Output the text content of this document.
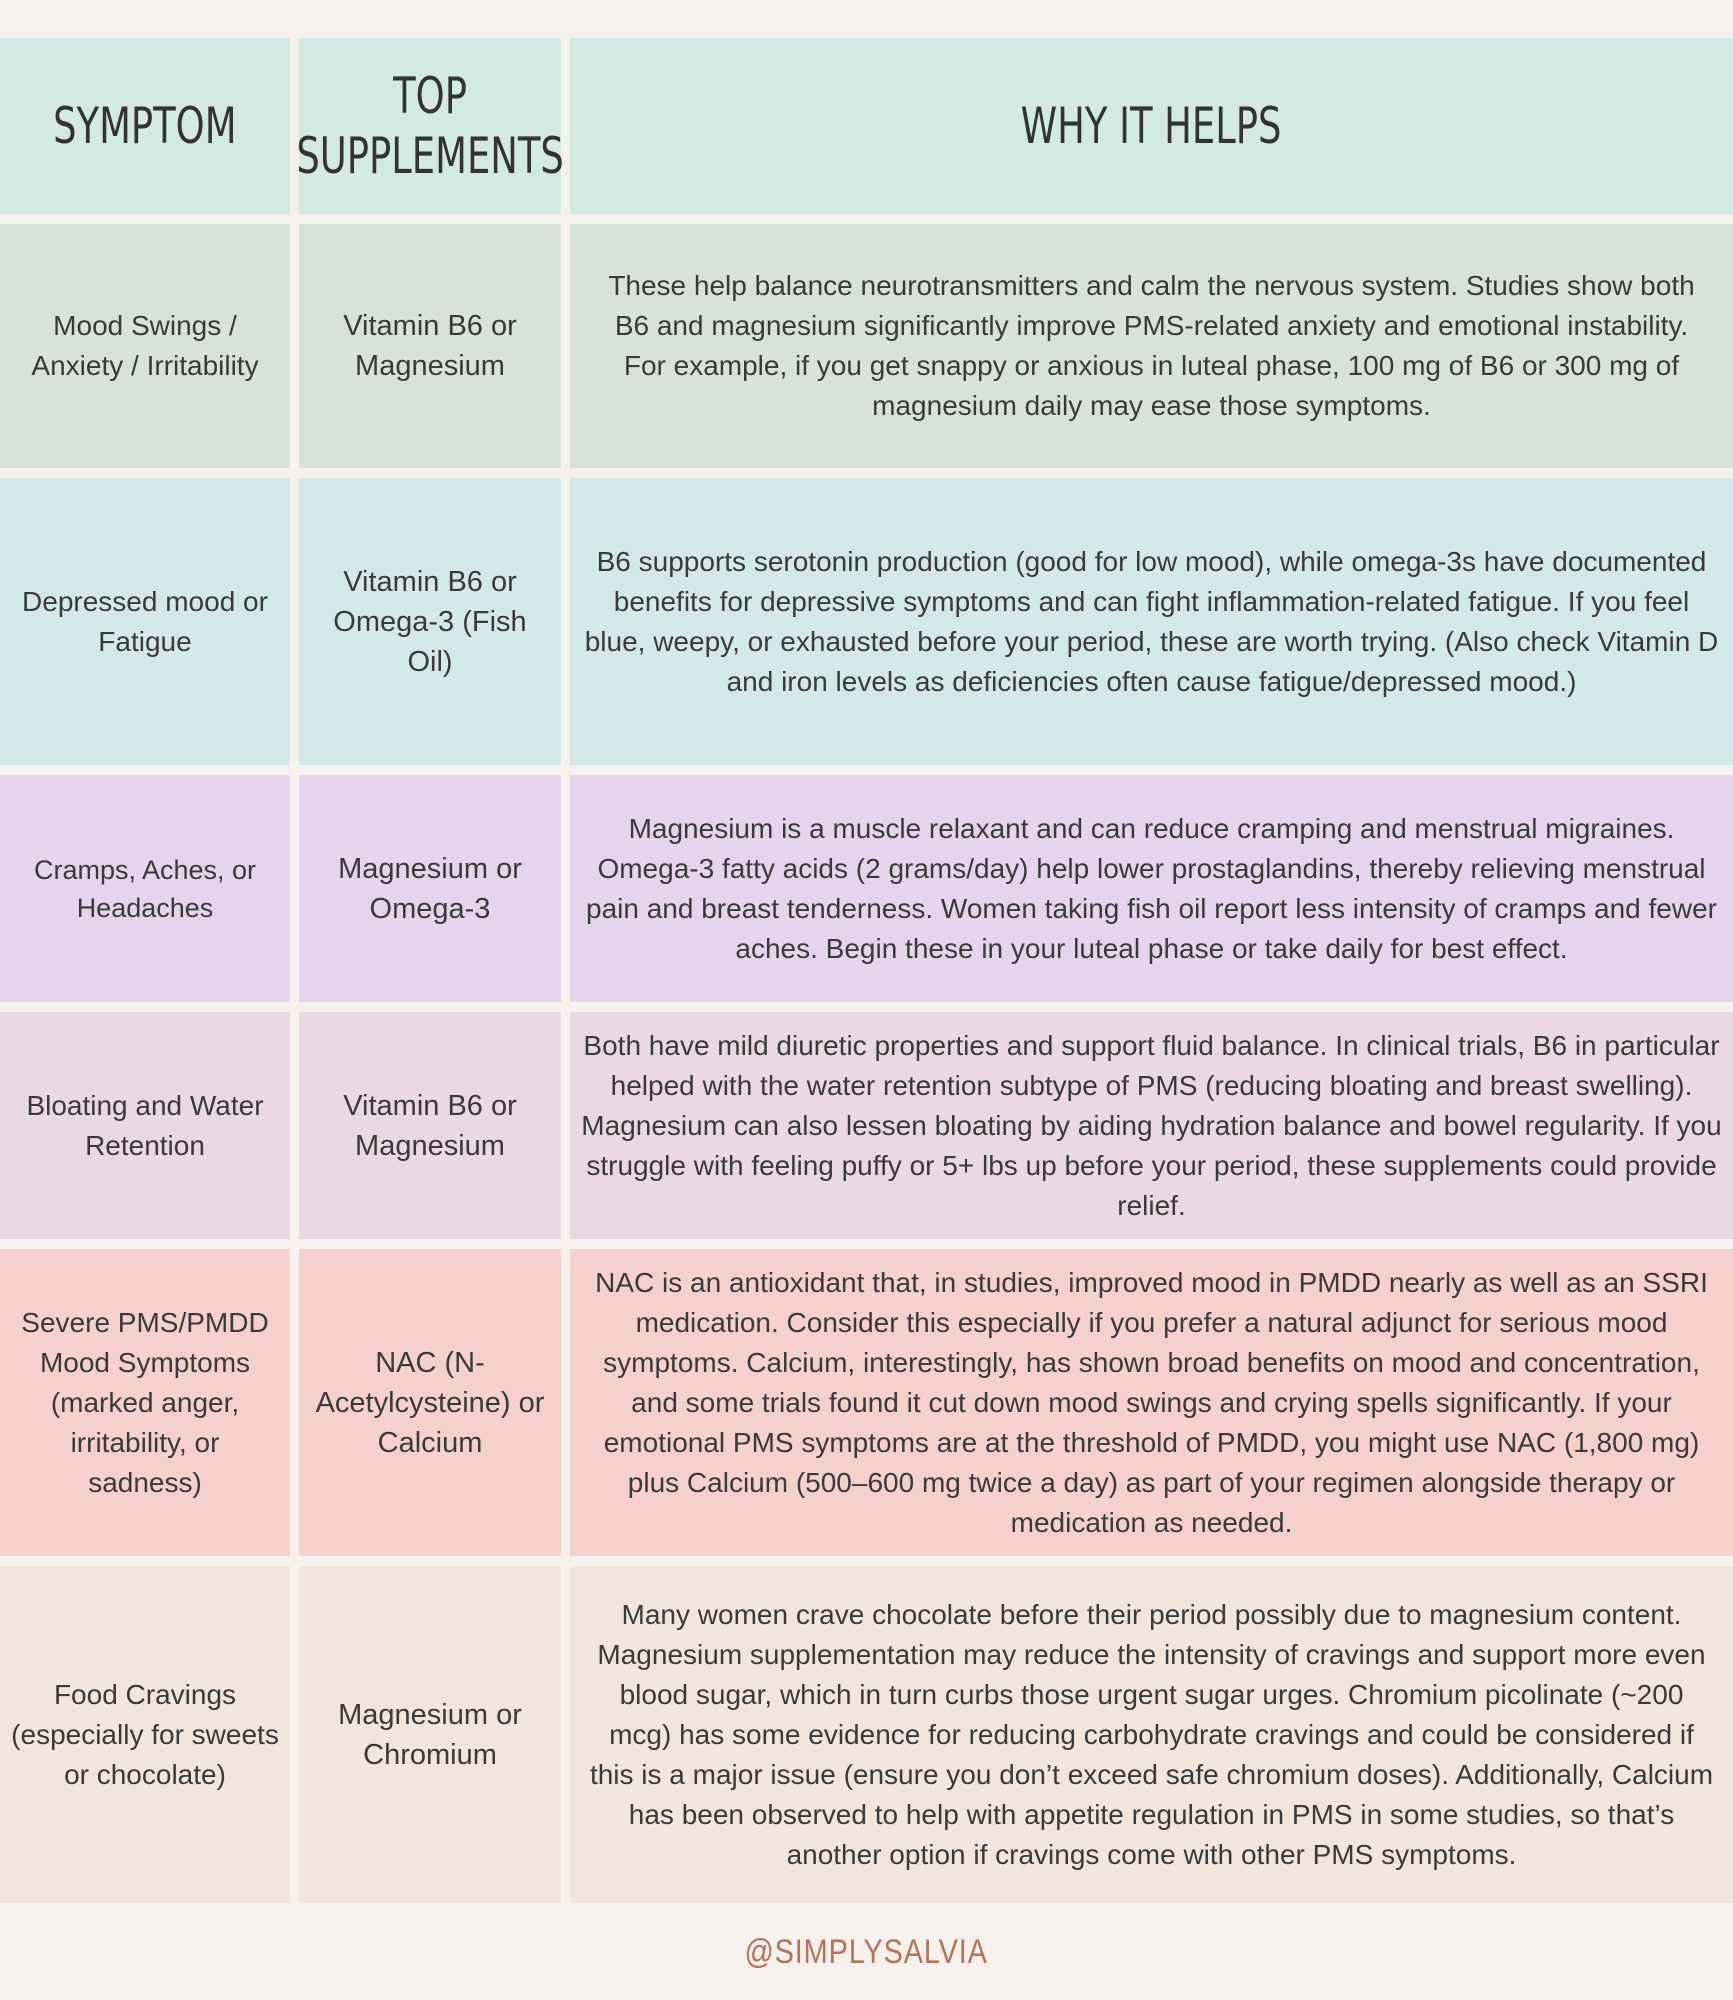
SYMPTOM
TOP
SUPPLEMENTS
WHY IT HELPS
Mood Swings / Anxiety / Irritability
Vitamin B6 or Magnesium
These help balance neurotransmitters and calm the nervous system. Studies show both B6 and magnesium significantly improve PMS-related anxiety and emotional instability. For example, if you get snappy or anxious in luteal phase, 100 mg of B6 or 300 mg of magnesium daily may ease those symptoms.
Depressed mood or Fatigue
Vitamin B6 or Omega-3 (Fish Oil)
B6 supports serotonin production (good for low mood), while omega-3s have documented benefits for depressive symptoms and can fight inflammation-related fatigue. If you feel blue, weepy, or exhausted before your period, these are worth trying. (Also check Vitamin D and iron levels as deficiencies often cause fatigue/depressed mood.)
Cramps, Aches, or Headaches
Magnesium or Omega-3
Magnesium is a muscle relaxant and can reduce cramping and menstrual migraines. Omega-3 fatty acids (2 grams/day) help lower prostaglandins, thereby relieving menstrual pain and breast tenderness. Women taking fish oil report less intensity of cramps and fewer aches. Begin these in your luteal phase or take daily for best effect.
Bloating and Water Retention
Vitamin B6 or Magnesium
Both have mild diuretic properties and support fluid balance. In clinical trials, B6 in particular helped with the water retention subtype of PMS (reducing bloating and breast swelling). Magnesium can also lessen bloating by aiding hydration balance and bowel regularity. If you struggle with feeling puffy or 5+ lbs up before your period, these supplements could provide relief.
Severe PMS/PMDD Mood Symptoms (marked anger, irritability, or sadness)
NAC (N-Acetylcysteine) or Calcium
NAC is an antioxidant that, in studies, improved mood in PMDD nearly as well as an SSRI medication. Consider this especially if you prefer a natural adjunct for serious mood symptoms. Calcium, interestingly, has shown broad benefits on mood and concentration, and some trials found it cut down mood swings and crying spells significantly. If your emotional PMS symptoms are at the threshold of PMDD, you might use NAC (1,800 mg) plus Calcium (500–600 mg twice a day) as part of your regimen alongside therapy or medication as needed.
Food Cravings (especially for sweets or chocolate)
Magnesium or Chromium
Many women crave chocolate before their period possibly due to magnesium content. Magnesium supplementation may reduce the intensity of cravings and support more even blood sugar, which in turn curbs those urgent sugar urges. Chromium picolinate (~200 mcg) has some evidence for reducing carbohydrate cravings and could be considered if this is a major issue (ensure you don’t exceed safe chromium doses). Additionally, Calcium has been observed to help with appetite regulation in PMS in some studies, so that’s another option if cravings come with other PMS symptoms.
@SIMPLYSALVIA
